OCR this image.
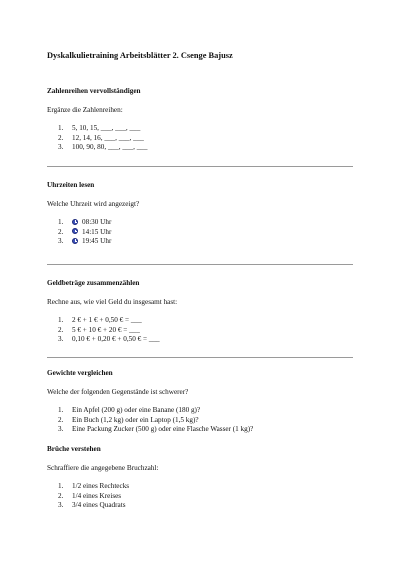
Dyskalkulietraining Arbeitsblätter 2. Csenge Bajusz
Zahlenreihen vervollständigen
Ergänze die Zahlenreihen:
1. 5, 10, 15, ___, ___, ___
2. 12, 14, 16, ___, ___, ___
3. 100, 90, 80, ___, ___, ___
Uhrzeiten lesen
Welche Uhrzeit wird angezeigt?
1.	08:30 Uhr
2.	14:15 Uhr
3.	19:45 Uhr
Geldbeträge zusammenzählen
Rechne aus, wie viel Geld du insgesamt hast:
1. 2 € + 1 € + 0,50 € = ___
2. 5 € + 10 € + 20 € = ___
3. 0,10 € + 0,20 € + 0,50 € = ___
Gewichte vergleichen
Welche der folgenden Gegenstände ist schwerer?
1. Ein Apfel (200 g) oder eine Banane (180 g)?
2. Ein Buch (1,2 kg) oder ein Laptop (1,5 kg)?
3. Eine Packung Zucker (500 g) oder eine Flasche Wasser (1 kg)?
Brüche verstehen
Schraffiere die angegebene Bruchzahl:
1. 1/2 eines Rechtecks
2. 1/4 eines Kreises
3. 3/4 eines Quadrats
